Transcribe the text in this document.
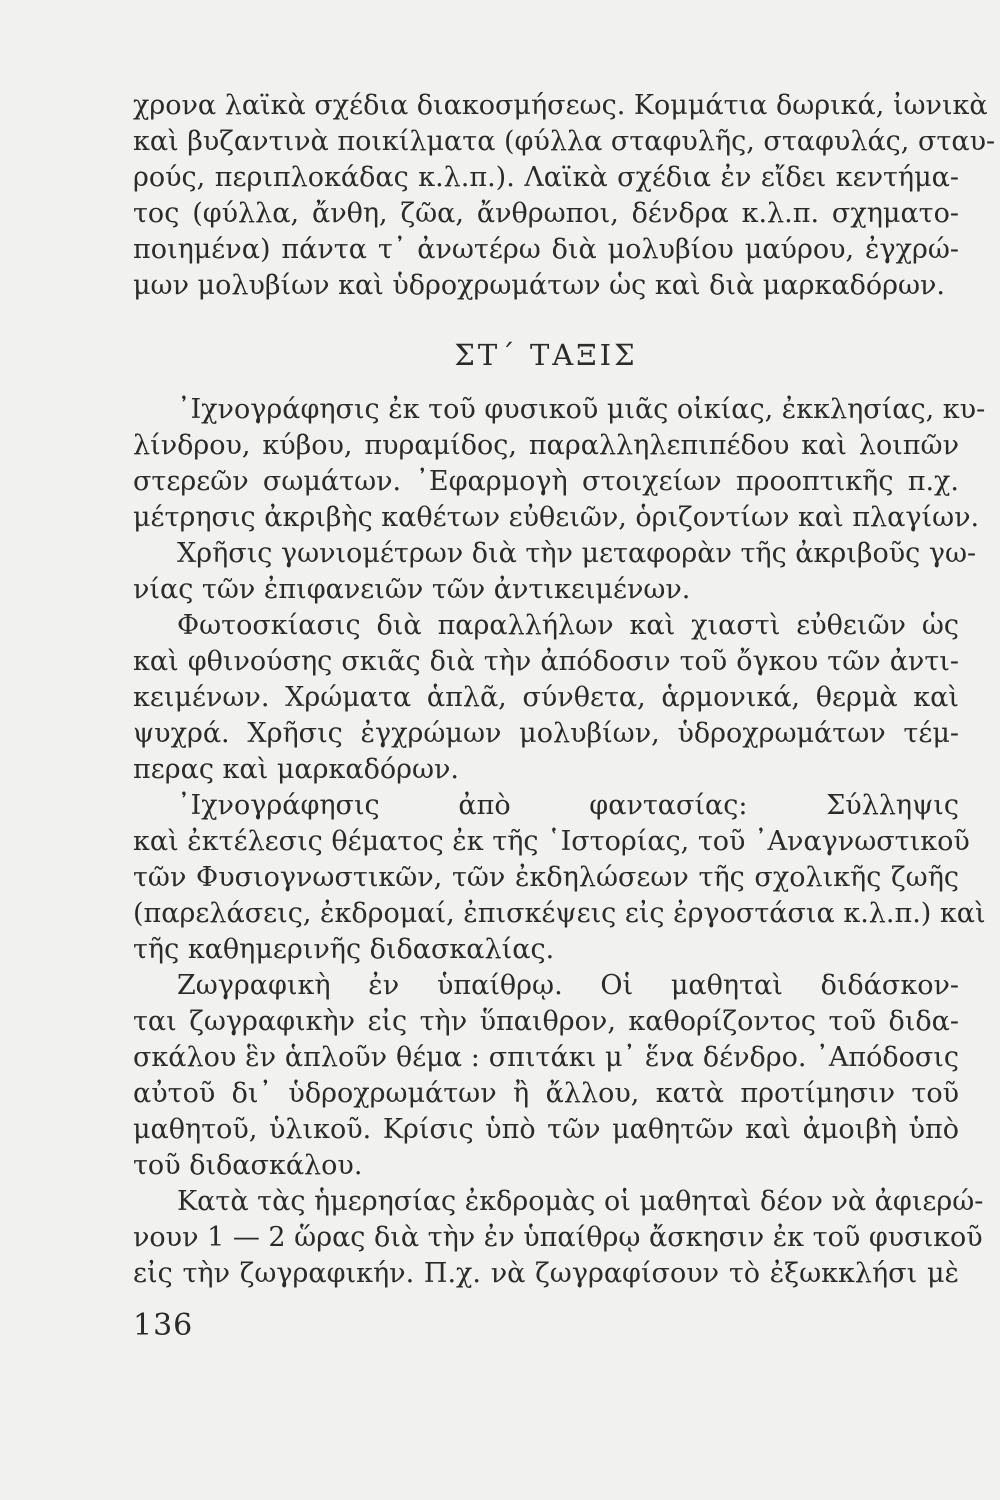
χρονα λαϊκὰ σχέδια διακοσμήσεως. Κομμάτια δωρικά, ἰωνικὰ

καὶ βυζαντινὰ ποικίλματα (φύλλα σταφυλῆς, σταφυλάς, σταυ-

ρούς, περιπλοκάδας κ.λ.π.). Λαϊκὰ σχέδια ἐν εἴδει κεντήμα-

τος (φύλλα, ἄνθη, ζῶα, ἄνθρωποι, δένδρα κ.λ.π. σχηματο-

ποιημένα) πάντα τ᾿ ἀνωτέρω διὰ μολυβίου μαύρου, ἐγχρώ-

μων μολυβίων καὶ ὑδροχρωμάτων ὡς καὶ διὰ μαρκαδόρων.

ΣΤ΄ ΤΑΞΙΣ

᾿Ιχνογράφησις ἐκ τοῦ φυσικοῦ μιᾶς οἰκίας, ἐκκλησίας, κυ-

λίνδρου, κύβου, πυραμίδος, παραλληλεπιπέδου καὶ λοιπῶν

στερεῶν σωμάτων. ᾿Εφαρμογὴ στοιχείων προοπτικῆς π.χ.

μέτρησις ἀκριβὴς καθέτων εὐθειῶν, ὁριζοντίων καὶ πλαγίων.

Χρῆσις γωνιομέτρων διὰ τὴν μεταφορὰν τῆς ἀκριβοῦς γω-

νίας τῶν ἐπιφανειῶν τῶν ἀντικειμένων.

Φωτοσκίασις διὰ παραλλήλων καὶ χιαστὶ εὐθειῶν ὡς

καὶ φθινούσης σκιᾶς διὰ τὴν ἀπόδοσιν τοῦ ὄγκου τῶν ἀντι-

κειμένων. Χρώματα ἁπλᾶ, σύνθετα, ἁρμονικά, θερμὰ καὶ

ψυχρά. Χρῆσις ἐγχρώμων μολυβίων, ὑδροχρωμάτων τέμ-

περας καὶ μαρκαδόρων.

᾿Ιχνογράφησις ἀπὸ φαντασίας: Σύλληψις

καὶ ἐκτέλεσις θέματος ἐκ τῆς ῾Ιστορίας, τοῦ ᾿Αναγνωστικοῦ

τῶν Φυσιογνωστικῶν, τῶν ἐκδηλώσεων τῆς σχολικῆς ζωῆς

(παρελάσεις, ἐκδρομαί, ἐπισκέψεις εἰς ἐργοστάσια κ.λ.π.) καὶ

τῆς καθημερινῆς διδασκαλίας.

Ζωγραφικὴ ἐν ὑπαίθρῳ. Οἱ μαθηταὶ διδάσκον-

ται ζωγραφικὴν εἰς τὴν ὕπαιθρον, καθορίζοντος τοῦ διδα-

σκάλου ἓν ἁπλοῦν θέμα : σπιτάκι μ᾿ ἕνα δένδρο. ᾿Απόδοσις

αὐτοῦ δι᾿ ὑδροχρωμάτων ἢ ἄλλου, κατὰ προτίμησιν τοῦ

μαθητοῦ, ὑλικοῦ. Κρίσις ὑπὸ τῶν μαθητῶν καὶ ἀμοιβὴ ὑπὸ

τοῦ διδασκάλου.

Κατὰ τὰς ἡμερησίας ἐκδρομὰς οἱ μαθηταὶ δέον νὰ ἀφιερώ-

νουν 1 — 2 ὥρας διὰ τὴν ἐν ὑπαίθρῳ ἄσκησιν ἐκ τοῦ φυσικοῦ

εἰς τὴν ζωγραφικήν. Π.χ. νὰ ζωγραφίσουν τὸ ἐξωκκλήσι μὲ

136
